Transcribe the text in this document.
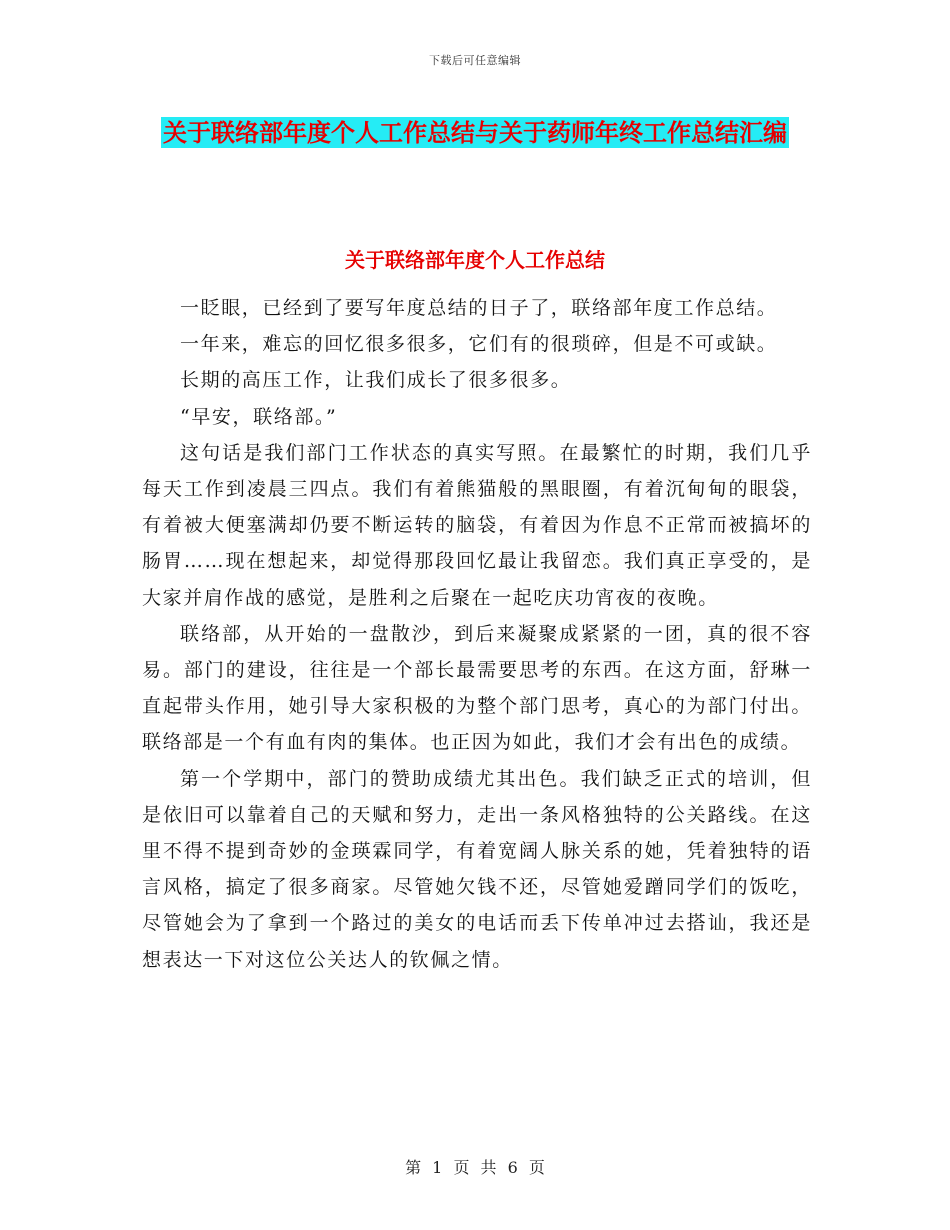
下载后可任意编辑
关于联络部年度个人工作总结与关于药师年终工作总结汇编
关于联络部年度个人工作总结

一眨眼，已经到了要写年度总结的日子了，联络部年度工作总结。

一年来，难忘的回忆很多很多，它们有的很琐碎，但是不可或缺。

长期的高压工作，让我们成长了很多很多。

“早安，联络部。”

这句话是我们部门工作状态的真实写照。在最繁忙的时期，我们几乎每天工作到凌晨三四点。我们有着熊猫般的黑眼圈，有着沉甸甸的眼袋，有着被大便塞满却仍要不断运转的脑袋，有着因为作息不正常而被搞坏的肠胃……现在想起来，却觉得那段回忆最让我留恋。我们真正享受的，是大家并肩作战的感觉，是胜利之后聚在一起吃庆功宵夜的夜晚。

联络部，从开始的一盘散沙，到后来凝聚成紧紧的一团，真的很不容易。部门的建设，往往是一个部长最需要思考的东西。在这方面，舒琳一直起带头作用，她引导大家积极的为整个部门思考，真心的为部门付出。联络部是一个有血有肉的集体。也正因为如此，我们才会有出色的成绩。

第一个学期中，部门的赞助成绩尤其出色。我们缺乏正式的培训，但是依旧可以靠着自己的天赋和努力，走出一条风格独特的公关路线。在这里不得不提到奇妙的金瑛霖同学，有着宽阔人脉关系的她，凭着独特的语言风格，搞定了很多商家。尽管她欠钱不还，尽管她爱蹭同学们的饭吃，尽管她会为了拿到一个路过的美女的电话而丢下传单冲过去搭讪，我还是想表达一下对这位公关达人的钦佩之情。

第 1 页 共 6 页
